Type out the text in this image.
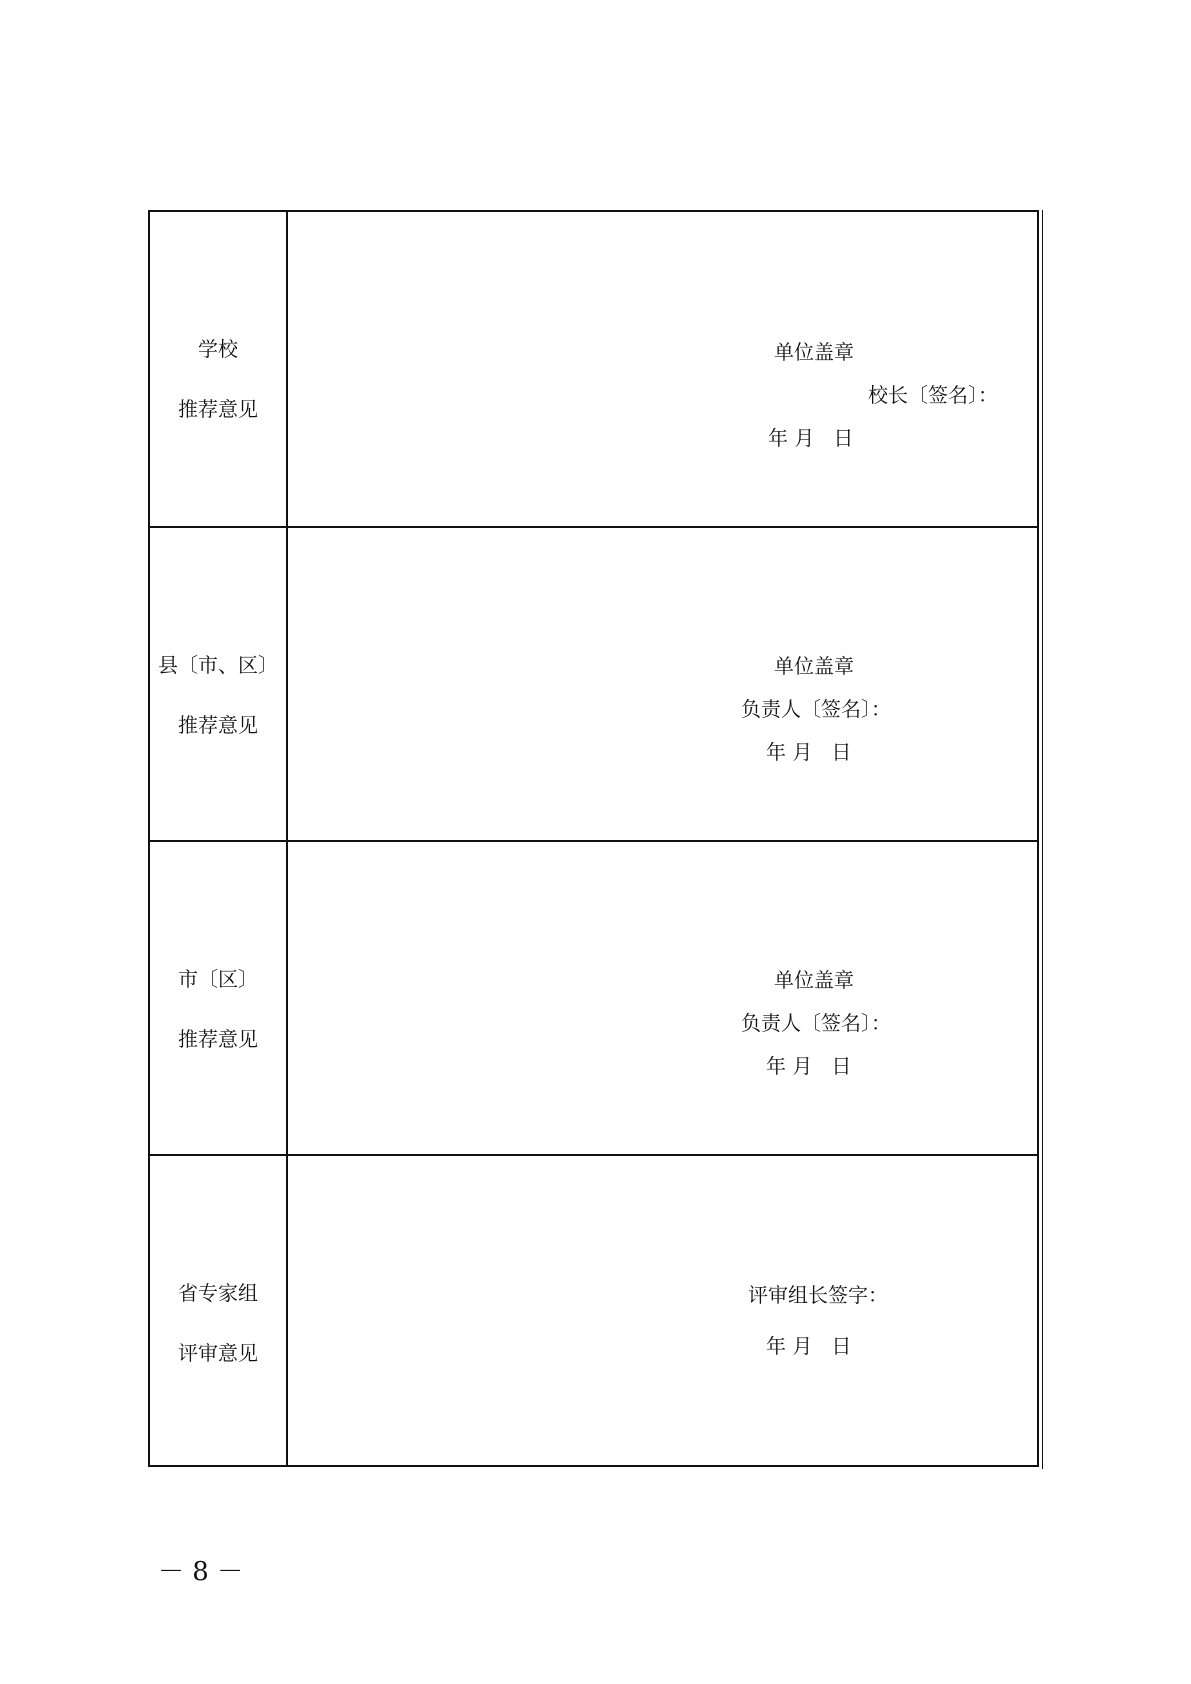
学校
推荐意见
单位盖章
校长〔签名〕：
年 月   日
县〔市、区〕
推荐意见
单位盖章
负责人〔签名〕：
年 月   日
市〔区〕
推荐意见
单位盖章
负责人〔签名〕：
年 月   日
省专家组
评审意见
评审组长签字：
年 月   日
－ 8 －
